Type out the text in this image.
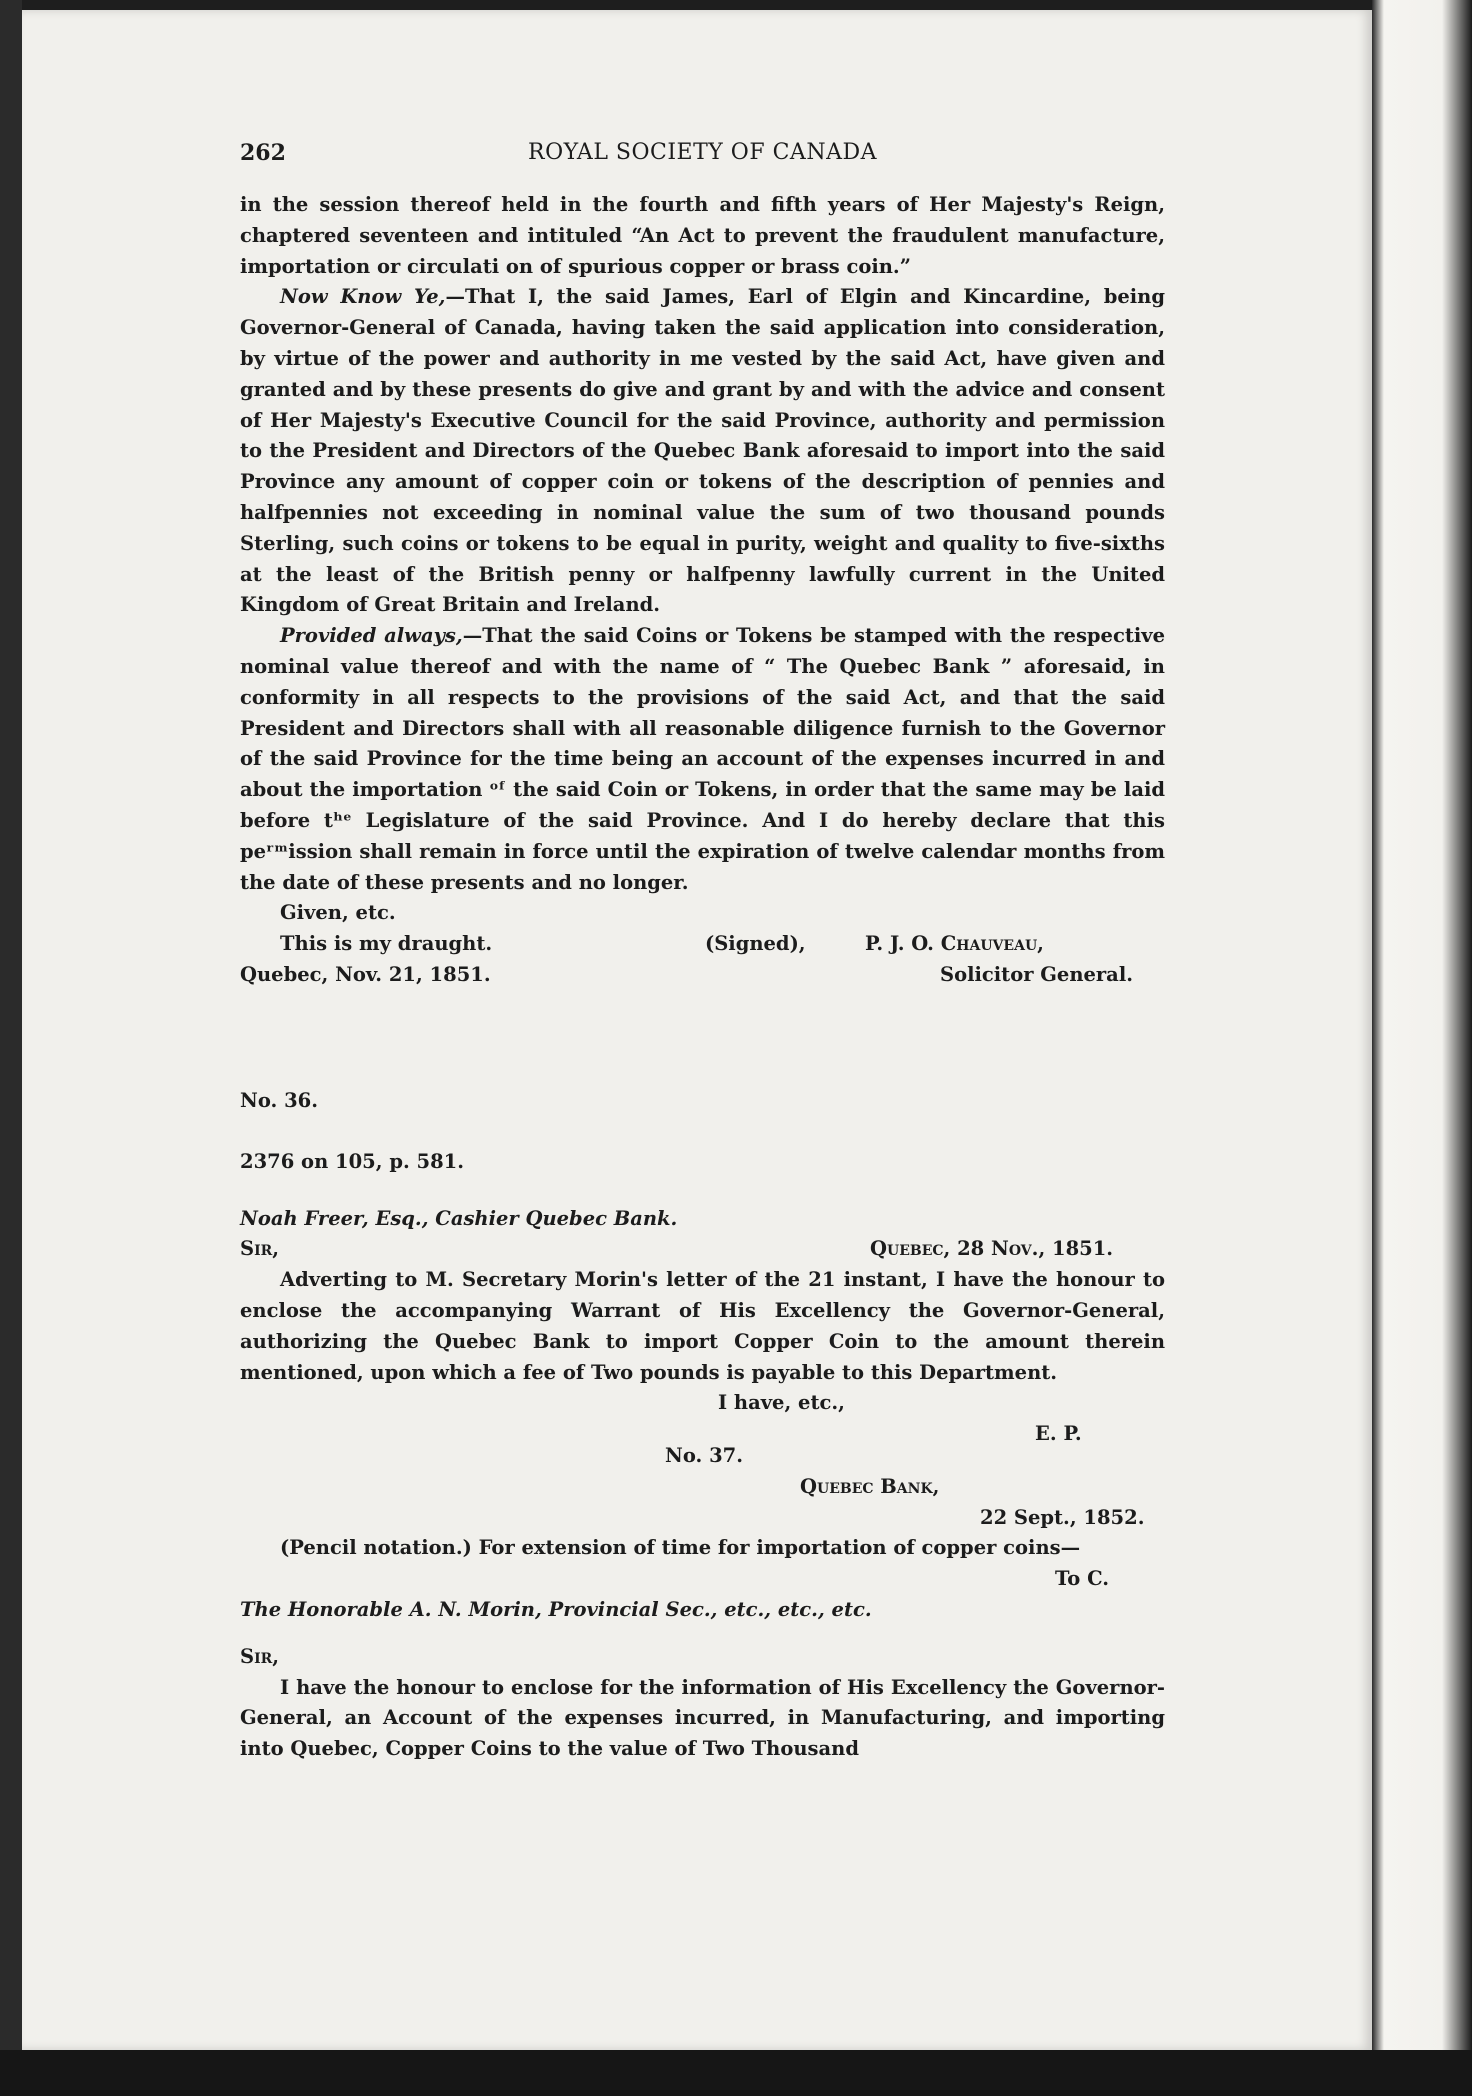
262	ROYAL SOCIETY OF CANADA

in the session thereof held in the fourth and fifth years of Her Majesty's Reign, chaptered seventeen and intituled “An Act to prevent the fraudulent manufacture, importation or circulati on of spurious copper or brass coin.”

Now Know Ye,—That I, the said James, Earl of Elgin and Kincardine, being Governor-General of Canada, having taken the said application into consideration, by virtue of the power and authority in me vested by the said Act, have given and granted and by these presents do give and grant by and with the advice and consent of Her Majesty's Executive Council for the said Province, authority and permission to the President and Directors of the Quebec Bank aforesaid to import into the said Province any amount of copper coin or tokens of the description of pennies and halfpennies not exceeding in nominal value the sum of two thousand pounds Sterling, such coins or tokens to be equal in purity, weight and quality to five-sixths at the least of the British penny or halfpenny lawfully current in the United Kingdom of Great Britain and Ireland.

Provided always,—That the said Coins or Tokens be stamped with the respective nominal value thereof and with the name of “ The Quebec Bank ” aforesaid, in conformity in all respects to the provisions of the said Act, and that the said President and Directors shall with all reasonable diligence furnish to the Governor of the said Province for the time being an account of the expenses incurred in and about the importation ᵒᶠ the said Coin or Tokens, in order that the same may be laid before tʰᵉ Legislature of the said Province. And I do hereby declare that this peʳᵐission shall remain in force until the expiration of twelve calendar months from the date of these presents and no longer.

Given, etc.
This is my draught.	(Signed),	P. J. O. Chauveau,
Quebec, Nov. 21, 1851.	Solicitor General.

No. 36.

2376 on 105, p. 581.

Noah Freer, Esq., Cashier Quebec Bank.

Sir,	Quebec, 28 Nov., 1851.

Adverting to M. Secretary Morin's letter of the 21 instant, I have the honour to enclose the accompanying Warrant of His Excellency the Governor-General, authorizing the Quebec Bank to import Copper Coin to the amount therein mentioned, upon which a fee of Two pounds is payable to this Department.

I have, etc.,
E. P.
No. 37.
Quebec Bank,
22 Sept., 1852.

(Pencil notation.) For extension of time for importation of copper coins—

To C.

The Honorable A. N. Morin, Provincial Sec., etc., etc., etc.

Sir,

I have the honour to enclose for the information of His Excellency the Governor-General, an Account of the expenses incurred, in Manufacturing, and importing into Quebec, Copper Coins to the value of Two Thousand
